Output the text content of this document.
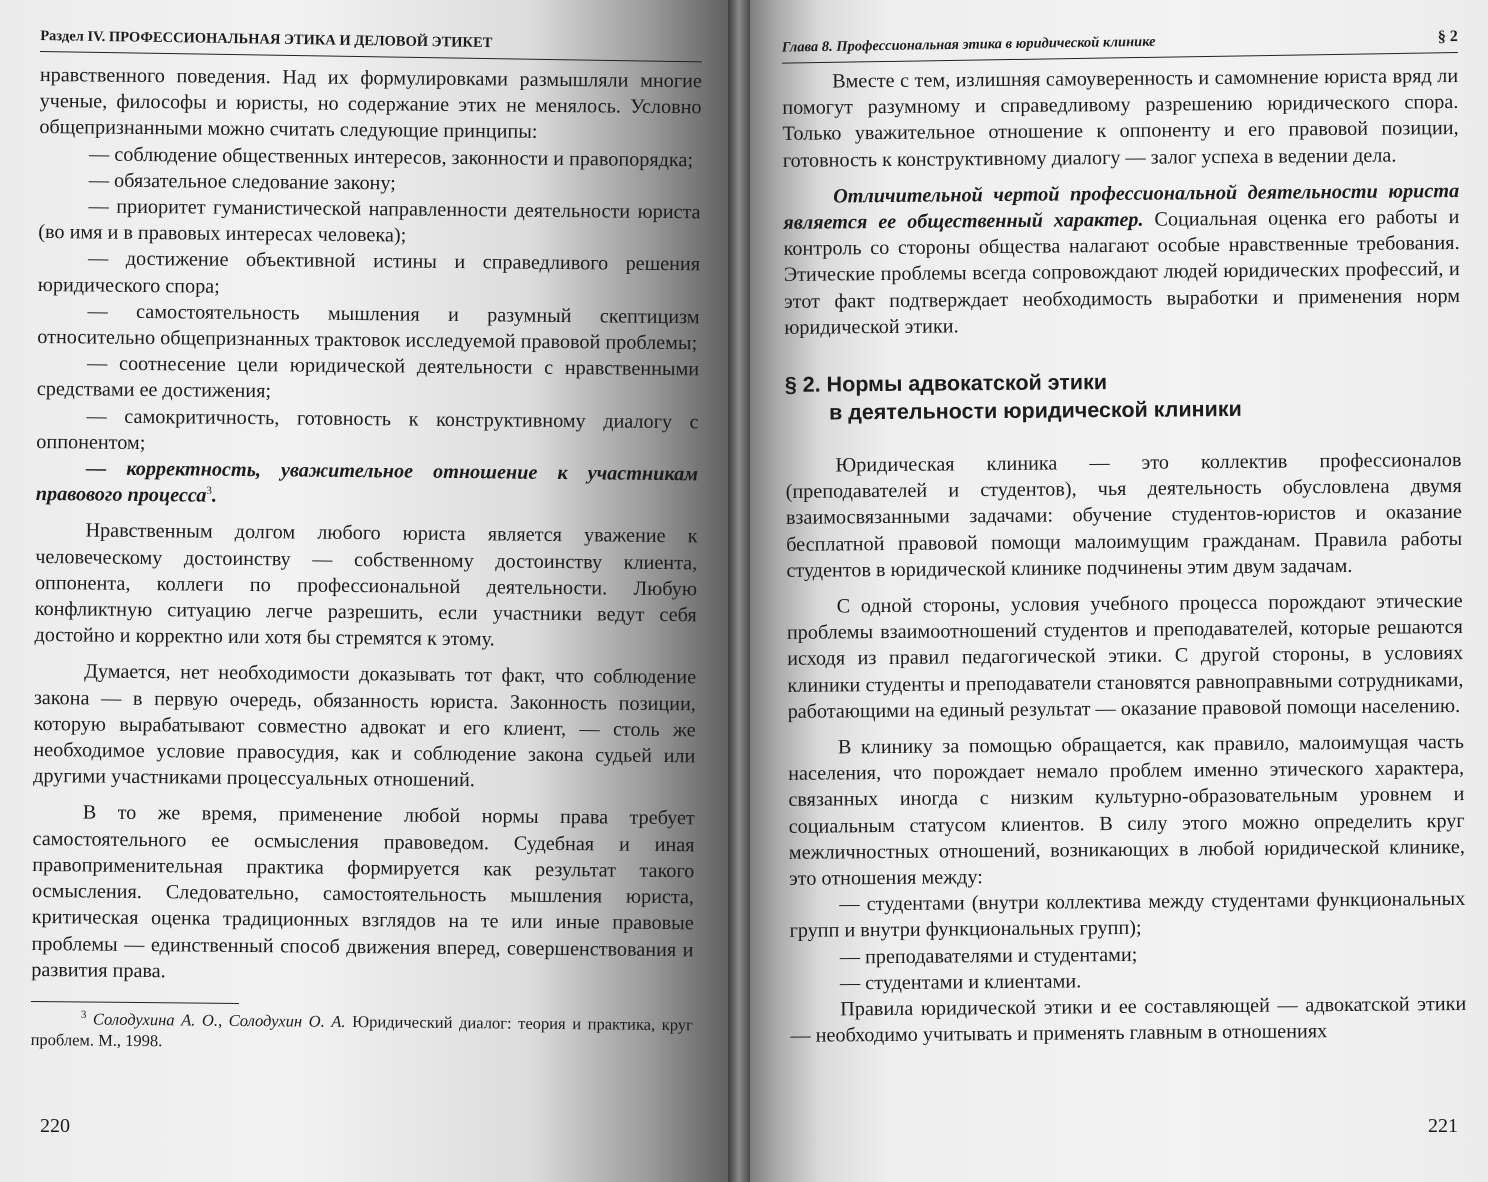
Раздел IV. ПРОФЕССИОНАЛЬНАЯ ЭТИКА И ДЕЛОВОЙ ЭТИКЕТ

нравственного поведения. Над их формулировками размышляли многие ученые, философы и юристы, но содержание этих не менялось. Условно общепризнанными можно считать следующие принципы:

— соблюдение общественных интересов, законности и правопорядка;

— обязательное следование закону;

— приоритет гуманистической направленности деятельности юриста (во имя и в правовых интересах человека);

— достижение объективной истины и справедливого решения юридического спора;

— самостоятельность мышления и разумный скептицизм относительно общепризнанных трактовок исследуемой правовой проблемы;

— соотнесение цели юридической деятельности с нравственными средствами ее достижения;

— самокритичность, готовность к конструктивному диалогу с оппонентом;

— корректность, уважительное отношение к участникам правового процесса$^3$.

Нравственным долгом любого юриста является уважение к человеческому достоинству — собственному достоинству клиента, оппонента, коллеги по профессиональной деятельности. Любую конфликтную ситуацию легче разрешить, если участники ведут себя достойно и корректно или хотя бы стремятся к этому.

Думается, нет необходимости доказывать тот факт, что соблюдение закона — в первую очередь, обязанность юриста. Законность позиции, которую вырабатывают совместно адвокат и его клиент, — столь же необходимое условие правосудия, как и соблюдение закона судьей или другими участниками процессуальных отношений.

В то же время, применение любой нормы права требует самостоятельного ее осмысления правоведом. Судебная и иная правоприменительная практика формируется как результат такого осмысления. Следовательно, самостоятельность мышления юриста, критическая оценка традиционных взглядов на те или иные правовые проблемы — единственный способ движения вперед, совершенствования и развития права.

$^3$ Солодухина А. О., Солодухин О. А. Юридический диалог: теория и практика, круг проблем. М., 1998.

220
Глава 8. Профессиональная этика в юридической клинике	§ 2

Вместе с тем, излишняя самоуверенность и самомнение юриста вряд ли помогут разумному и справедливому разрешению юридического спора. Только уважительное отношение к оппоненту и его правовой позиции, готовность к конструктивному диалогу — залог успеха в ведении дела.

Отличительной чертой профессиональной деятельности юриста является ее общественный характер. Социальная оценка его работы и контроль со стороны общества налагают особые нравственные требования. Этические проблемы всегда сопровождают людей юридических профессий, и этот факт подтверждает необходимость выработки и применения норм юридической этики.

§ 2. Нормы адвокатской этики
в деятельности юридической клиники

Юридическая клиника — это коллектив профессионалов (преподавателей и студентов), чья деятельность обусловлена двумя взаимосвязанными задачами: обучение студентов-юристов и оказание бесплатной правовой помощи малоимущим гражданам. Правила работы студентов в юридической клинике подчинены этим двум задачам.

С одной стороны, условия учебного процесса порождают этические проблемы взаимоотношений студентов и преподавателей, которые решаются исходя из правил педагогической этики. С другой стороны, в условиях клиники студенты и преподаватели становятся равноправными сотрудниками, работающими на единый результат — оказание правовой помощи населению.

В клинику за помощью обращается, как правило, малоимущая часть населения, что порождает немало проблем именно этического характера, связанных иногда с низким культурно-образовательным уровнем и социальным статусом клиентов. В силу этого можно определить круг межличностных отношений, возникающих в любой юридической клинике, это отношения между:

— студентами (внутри коллектива между студентами функциональных групп и внутри функциональных групп);

— преподавателями и студентами;

— студентами и клиентами.

Правила юридической этики и ее составляющей — адвокатской этики — необходимо учитывать и применять главным в отношениях

221
